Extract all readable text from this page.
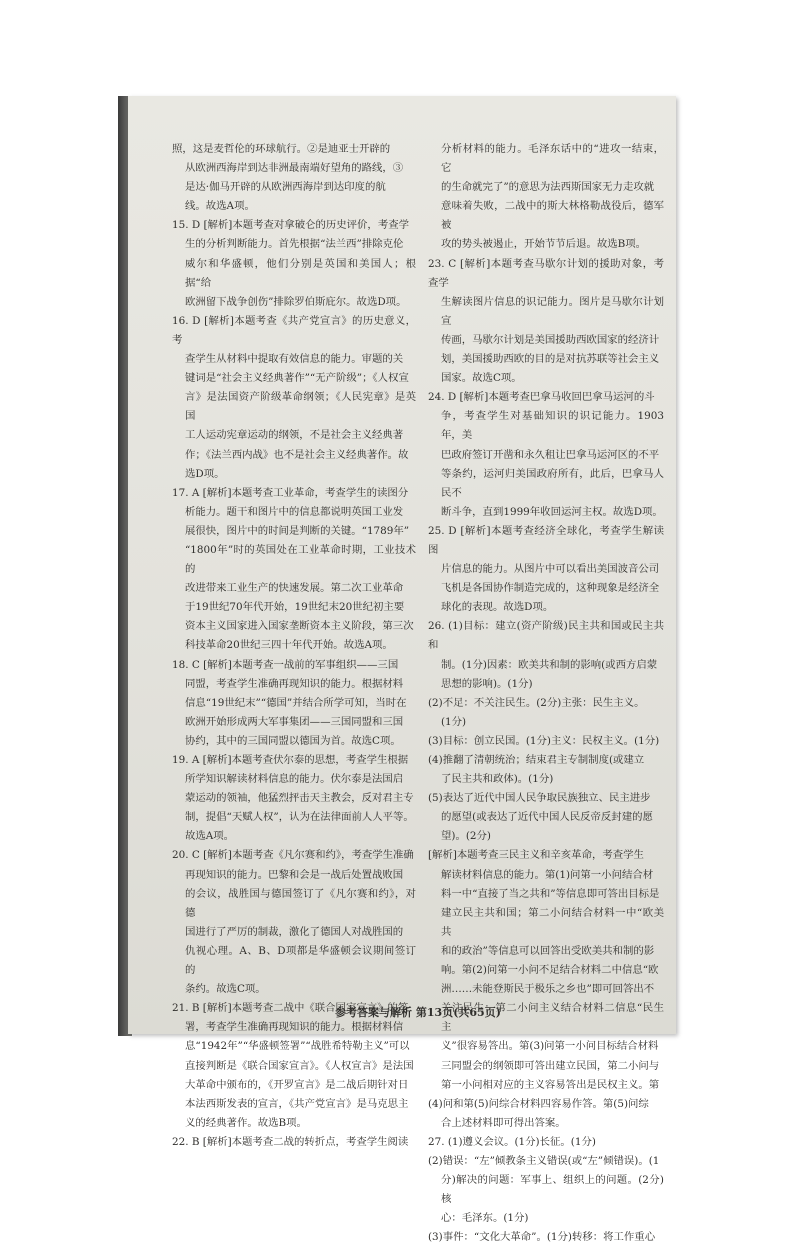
照，这是麦哲伦的环球航行。②是迪亚士开辟的

从欧洲西海岸到达非洲最南端好望角的路线，③

是达·伽马开辟的从欧洲西海岸到达印度的航

线。故选A项。

15. D [解析]本题考查对拿破仑的历史评价，考查学

生的分析判断能力。首先根据“法兰西”排除克伦

威尔和华盛顿，他们分别是英国和美国人；根据“给

欧洲留下战争创伤”排除罗伯斯庇尔。故选D项。

16. D [解析]本题考查《共产党宣言》的历史意义，考

查学生从材料中提取有效信息的能力。审题的关

键词是“社会主义经典著作”“无产阶级”；《人权宣

言》是法国资产阶级革命纲领；《人民宪章》是英国

工人运动宪章运动的纲领，不是社会主义经典著

作；《法兰西内战》也不是社会主义经典著作。故

选D项。

17. A [解析]本题考查工业革命，考查学生的读图分

析能力。题干和图片中的信息都说明英国工业发

展很快，图片中的时间是判断的关键。“1789年”

“1800年”时的英国处在工业革命时期，工业技术的

改进带来工业生产的快速发展。第二次工业革命

于19世纪70年代开始，19世纪末20世纪初主要

资本主义国家进入国家垄断资本主义阶段，第三次

科技革命20世纪三四十年代开始。故选A项。

18. C [解析]本题考查一战前的军事组织——三国

同盟，考查学生准确再现知识的能力。根据材料

信息“19世纪末”“德国”并结合所学可知，当时在

欧洲开始形成两大军事集团——三国同盟和三国

协约，其中的三国同盟以德国为首。故选C项。

19. A [解析]本题考查伏尔泰的思想，考查学生根据

所学知识解读材料信息的能力。伏尔泰是法国启

蒙运动的领袖，他猛烈抨击天主教会，反对君主专

制，提倡“天赋人权”，认为在法律面前人人平等。

故选A项。

20. C [解析]本题考查《凡尔赛和约》，考查学生准确

再现知识的能力。巴黎和会是一战后处置战败国

的会议，战胜国与德国签订了《凡尔赛和约》，对德

国进行了严厉的制裁，激化了德国人对战胜国的

仇视心理。A、B、D项都是华盛顿会议期间签订的

条约。故选C项。

21. B [解析]本题考查二战中《联合国家宣言》的签

署，考查学生准确再现知识的能力。根据材料信

息“1942年”“华盛顿签署”“战胜希特勒主义”可以

直接判断是《联合国家宣言》。《人权宣言》是法国

大革命中颁布的，《开罗宣言》是二战后期针对日

本法西斯发表的宣言，《共产党宣言》是马克思主

义的经典著作。故选B项。

22. B [解析]本题考查二战的转折点，考查学生阅读

分析材料的能力。毛泽东话中的“进攻一结束，它

的生命就完了”的意思为法西斯国家无力走攻就

意味着失败，二战中的斯大林格勒战役后，德军被

攻的势头被遏止，开始节节后退。故选B项。

23. C [解析]本题考查马歇尔计划的援助对象，考查学

生解读图片信息的识记能力。图片是马歇尔计划宣

传画，马歇尔计划是美国援助西欧国家的经济计

划，美国援助西欧的目的是对抗苏联等社会主义

国家。故选C项。

24. D [解析]本题考查巴拿马收回巴拿马运河的斗

争，考查学生对基础知识的识记能力。1903年，美

巴政府签订开凿和永久租让巴拿马运河区的不平

等条约，运河归美国政府所有，此后，巴拿马人民不

断斗争，直到1999年收回运河主权。故选D项。

25. D [解析]本题考查经济全球化，考查学生解读图

片信息的能力。从图片中可以看出美国波音公司

飞机是各国协作制造完成的，这种现象是经济全

球化的表现。故选D项。

26. (1)目标：建立(资产阶级)民主共和国或民主共和

制。(1分)因素：欧美共和制的影响(或西方启蒙

思想的影响)。(1分)

(2)不足：不关注民生。(2分)主张：民生主义。

(1分)

(3)目标：创立民国。(1分)主义：民权主义。(1分)

(4)推翻了清朝统治；结束君主专制制度(或建立

了民主共和政体)。(1分)

(5)表达了近代中国人民争取民族独立、民主进步

的愿望(或表达了近代中国人民反帝反封建的愿

望)。(2分)

[解析]本题考查三民主义和辛亥革命，考查学生

解读材料信息的能力。第(1)问第一小问结合材

料一中“直接了当之共和”等信息即可答出目标是

建立民主共和国；第二小问结合材料一中“欧美共

和的政治”等信息可以回答出受欧美共和制的影

响。第(2)问第一小问不足结合材料二中信息“欧

洲……未能登斯民于极乐之乡也”即可回答出不

关注民生；第二小问主义结合材料二信息“民生主

义”很容易答出。第(3)问第一小问目标结合材料

三同盟会的纲领即可答出建立民国，第二小问与

第一小问相对应的主义容易答出是民权主义。第

(4)问和第(5)问综合材料四容易作答。第(5)问综

合上述材料即可得出答案。

27. (1)遵义会议。(1分)长征。(1分)

(2)错误：“左”倾教条主义错误(或“左”倾错误)。(1

分)解决的问题：军事上、组织上的问题。(2分)核

心：毛泽东。(1分)

(3)事件：“文化大革命”。(1分)转移：将工作重心

参考答案与解析 第13页(共65页)
